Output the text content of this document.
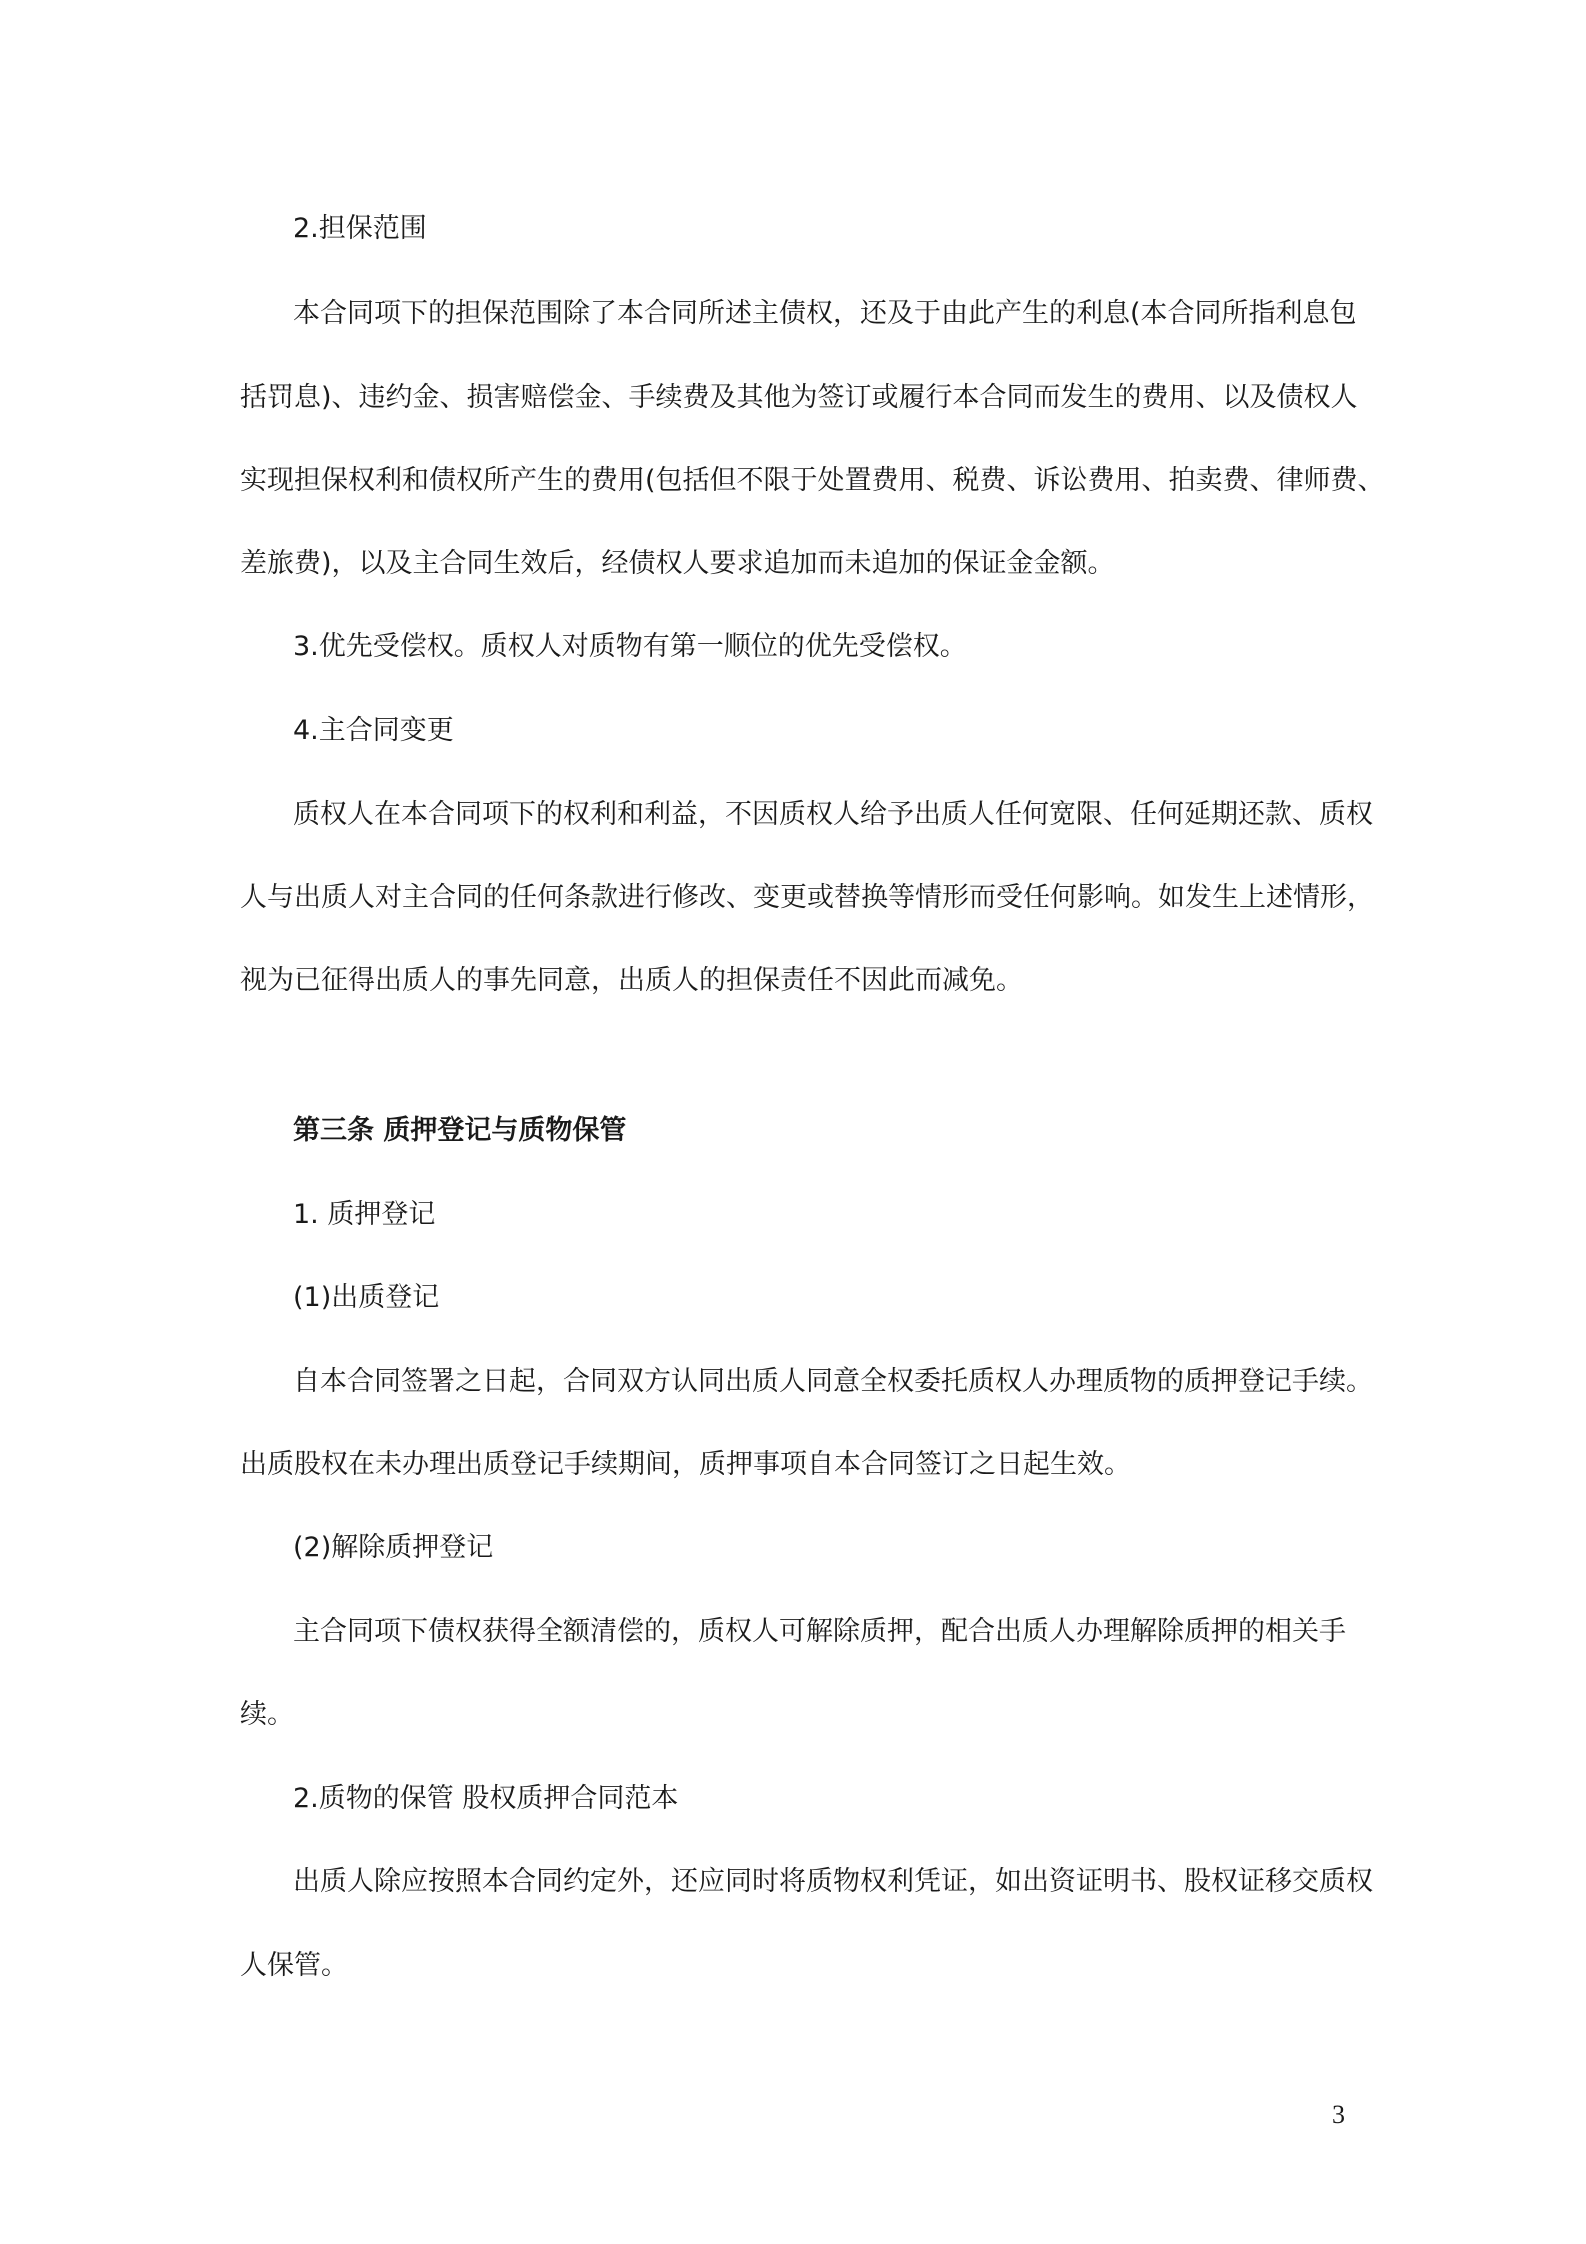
2.担保范围
本合同项下的担保范围除了本合同所述主债权，还及于由此产生的利息(本合同所指利息包
括罚息)、违约金、损害赔偿金、手续费及其他为签订或履行本合同而发生的费用、以及债权人
实现担保权利和债权所产生的费用(包括但不限于处置费用、税费、诉讼费用、拍卖费、律师费、
差旅费)，以及主合同生效后，经债权人要求追加而未追加的保证金金额。
3.优先受偿权。质权人对质物有第一顺位的优先受偿权。
4.主合同变更
质权人在本合同项下的权利和利益，不因质权人给予出质人任何宽限、任何延期还款、质权
人与出质人对主合同的任何条款进行修改、变更或替换等情形而受任何影响。如发生上述情形，
视为已征得出质人的事先同意，出质人的担保责任不因此而减免。
第三条 质押登记与质物保管
1. 质押登记
(1)出质登记
自本合同签署之日起，合同双方认同出质人同意全权委托质权人办理质物的质押登记手续。
出质股权在未办理出质登记手续期间，质押事项自本合同签订之日起生效。
(2)解除质押登记
主合同项下债权获得全额清偿的，质权人可解除质押，配合出质人办理解除质押的相关手
续。
2.质物的保管 股权质押合同范本
出质人除应按照本合同约定外，还应同时将质物权利凭证，如出资证明书、股权证移交质权
人保管。
3
